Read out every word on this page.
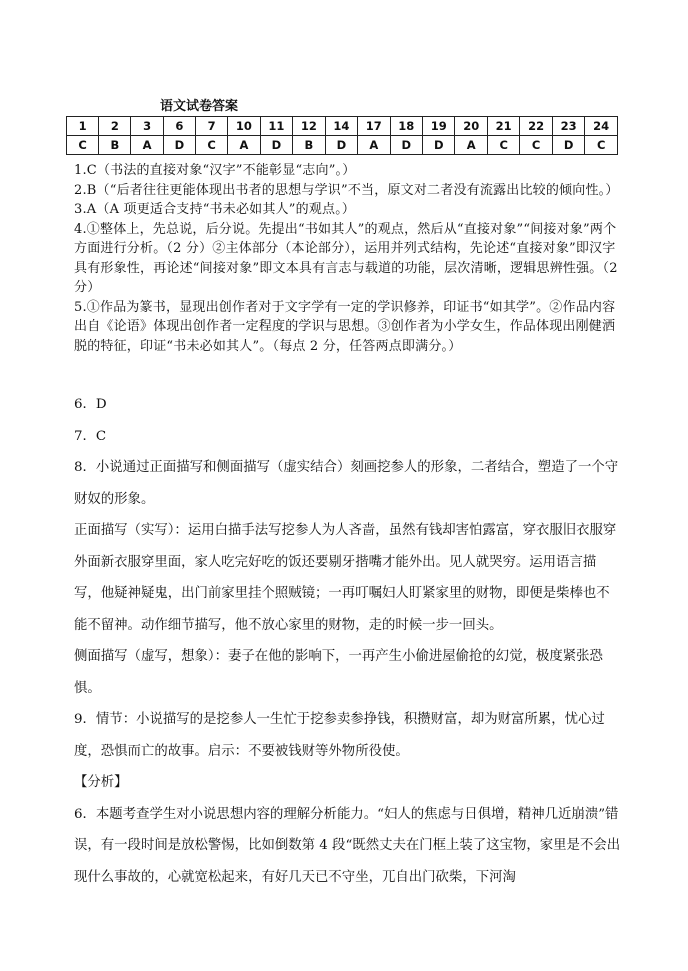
语文试卷答案
1	2	3	6	7	10	11	12	14	17	18	19	20	21	22	23	24
C	B	A	D	C	A	D	B	D	A	D	D	A	C	C	D	C

1.C（书法的直接对象“汉字”不能彰显“志向”。）

2.B（“后者往往更能体现出书者的思想与学识”不当，原文对二者没有流露出比较的倾向性。）

3.A（A 项更适合支持“书未必如其人”的观点。）

4.①整体上，先总说，后分说。先提出“书如其人”的观点，然后从“直接对象”“间接对象”两个方面进行分析。（2 分）②主体部分（本论部分），运用并列式结构，先论述“直接对象”即汉字具有形象性，再论述“间接对象”即文本具有言志与载道的功能，层次清晰，逻辑思辨性强。（2 分）

5.①作品为篆书，显现出创作者对于文字学有一定的学识修养，印证书“如其学”。②作品内容出自《论语》体现出创作者一定程度的学识与思想。③创作者为小学女生，作品体现出刚健洒脱的特征，印证“书未必如其人”。（每点 2 分，任答两点即满分。）

6．D

7．C

8．小说通过正面描写和侧面描写（虚实结合）刻画挖参人的形象，二者结合，塑造了一个守财奴的形象。

正面描写（实写）：运用白描手法写挖参人为人吝啬，虽然有钱却害怕露富，穿衣服旧衣服穿外面新衣服穿里面，家人吃完好吃的饭还要剔牙揩嘴才能外出。见人就哭穷。运用语言描写，他疑神疑鬼，出门前家里挂个照贼镜；一再叮嘱妇人盯紧家里的财物，即便是柴棒也不能不留神。动作细节描写，他不放心家里的财物，走的时候一步一回头。

侧面描写（虚写，想象）：妻子在他的影响下，一再产生小偷进屋偷抢的幻觉，极度紧张恐惧。

9．情节：小说描写的是挖参人一生忙于挖参卖参挣钱，积攒财富，却为财富所累，忧心过度，恐惧而亡的故事。启示：不要被钱财等外物所役使。

【分析】

6．本题考查学生对小说思想内容的理解分析能力。“妇人的焦虑与日俱增，精神几近崩溃”错误，有一段时间是放松警惕，比如倒数第 4 段“既然丈夫在门框上装了这宝物，家里是不会出现什么事故的，心就宽松起来，有好几天已不守坐，兀自出门砍柴，下河淘
